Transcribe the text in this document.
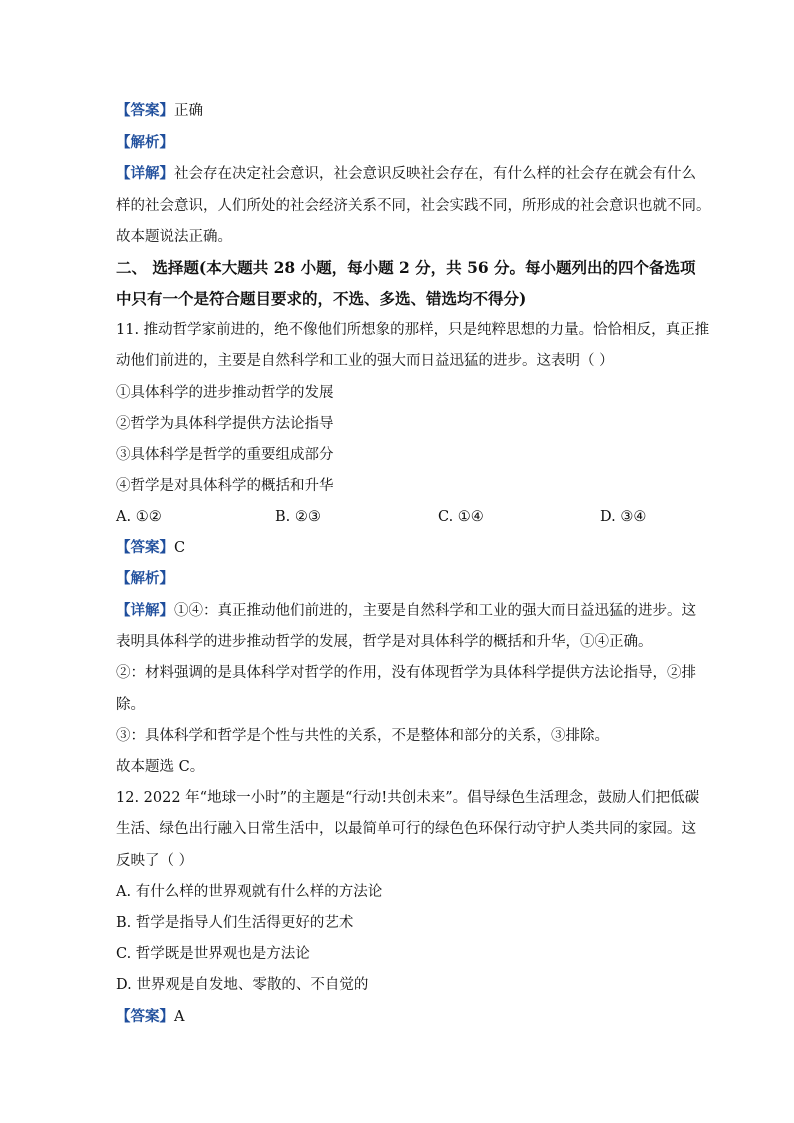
【答案】正确
【解析】
【详解】社会存在决定社会意识，社会意识反映社会存在，有什么样的社会存在就会有什么
样的社会意识，人们所处的社会经济关系不同，社会实践不同，所形成的社会意识也就不同。
故本题说法正确。
二、 选择题(本大题共 28 小题，每小题 2 分，共 56 分。每小题列出的四个备选项
中只有一个是符合题目要求的，不选、多选、错选均不得分)
11. 推动哲学家前进的，绝不像他们所想象的那样，只是纯粹思想的力量。恰恰相反，真正推
动他们前进的，主要是自然科学和工业的强大而日益迅猛的进步。这表明（ ）
①具体科学的进步推动哲学的发展
②哲学为具体科学提供方法论指导
③具体科学是哲学的重要组成部分
④哲学是对具体科学的概括和升华
A. ①②	B. ②③	C. ①④	D. ③④
【答案】C
【解析】
【详解】①④：真正推动他们前进的，主要是自然科学和工业的强大而日益迅猛的进步。这
表明具体科学的进步推动哲学的发展，哲学是对具体科学的概括和升华，①④正确。
②：材料强调的是具体科学对哲学的作用，没有体现哲学为具体科学提供方法论指导，②排
除。
③：具体科学和哲学是个性与共性的关系，不是整体和部分的关系，③排除。
故本题选 C。
12. 2022 年“地球一小时”的主题是“行动!共创未来”。倡导绿色生活理念，鼓励人们把低碳
生活、绿色出行融入日常生活中，以最简单可行的绿色色环保行动守护人类共同的家园。这
反映了（ ）
A. 有什么样的世界观就有什么样的方法论
B. 哲学是指导人们生活得更好的艺术
C. 哲学既是世界观也是方法论
D. 世界观是自发地、零散的、不自觉的
【答案】A
